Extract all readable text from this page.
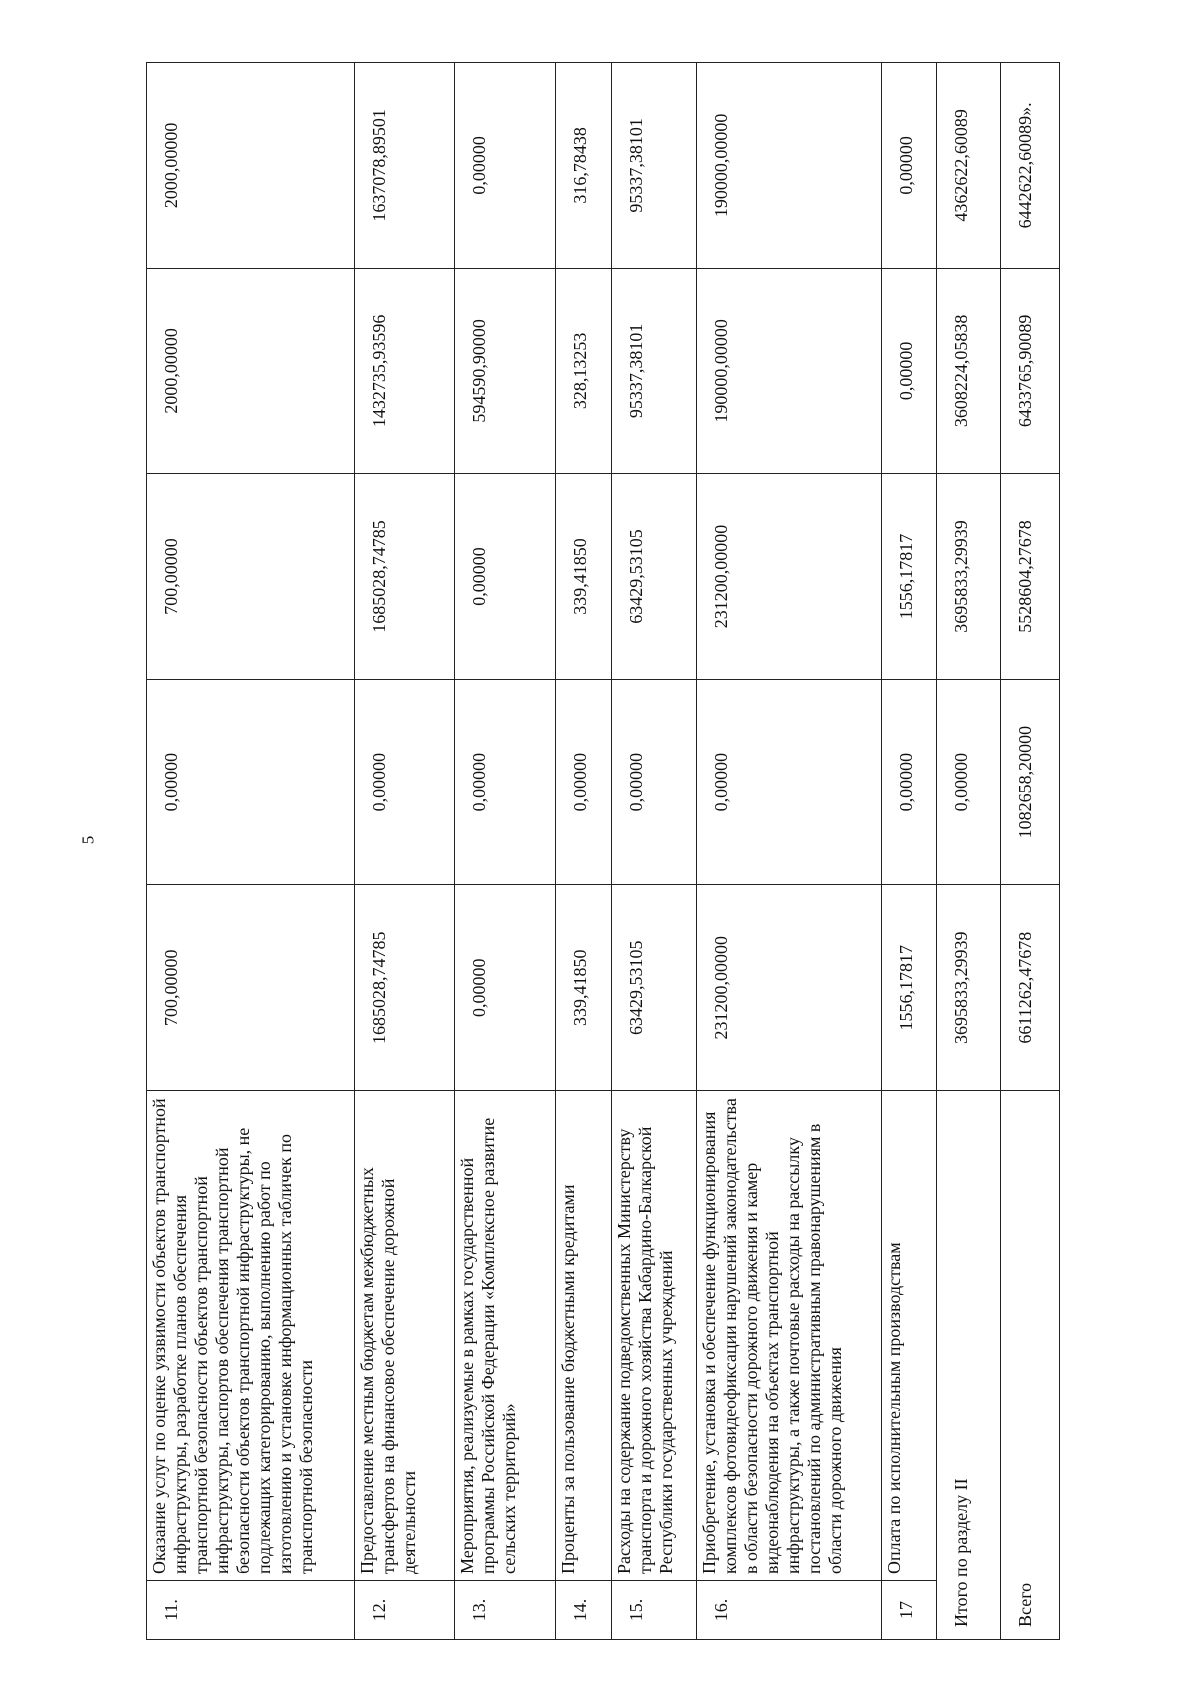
5
11.	Оказание услуг по оценке уязвимости объектов транспортной инфраструктуры, разработке планов обеспечения транспортной безопасности объектов транспортной инфраструктуры, паспортов обеспечения транспортной безопасности объектов транспортной инфраструктуры, не подлежащих категорированию, выполнению работ по изготовлению и установке информационных табличек по транспортной безопасности	700,00000	0,00000	700,00000	2000,00000	2000,00000
12.	Предоставление местным бюджетам межбюджетных трансфертов на финансовое обеспечение дорожной деятельности	1685028,74785	0,00000	1685028,74785	1432735,93596	1637078,89501
13.	Мероприятия, реализуемые в рамках государственной программы Российской Федерации «Комплексное развитие сельских территорий»	0,00000	0,00000	0,00000	594590,90000	0,00000
14.	Проценты за пользование бюджетными кредитами	339,41850	0,00000	339,41850	328,13253	316,78438
15.	Расходы на содержание подведомственных Министерству транспорта и дорожного хозяйства Кабардино-Балкарской Республики государственных учреждений	63429,53105	0,00000	63429,53105	95337,38101	95337,38101
16.	Приобретение, установка и обеспечение функционирования комплексов фотовидеофиксации нарушений законодательства в области безопасности дорожного движения и камер видеонаблюдения на объектах транспортной инфраструктуры, а также почтовые расходы на рассылку постановлений по административным правонарушениям в области дорожного движения	231200,00000	0,00000	231200,00000	190000,00000	190000,00000
17	Оплата по исполнительным производствам	1556,17817	0,00000	1556,17817	0,00000	0,00000
Итого по разделу II		3695833,29939	0,00000	3695833,29939	3608224,05838	4362622,60089
Всего		6611262,47678	1082658,20000	5528604,27678	6433765,90089	6442622,60089».
